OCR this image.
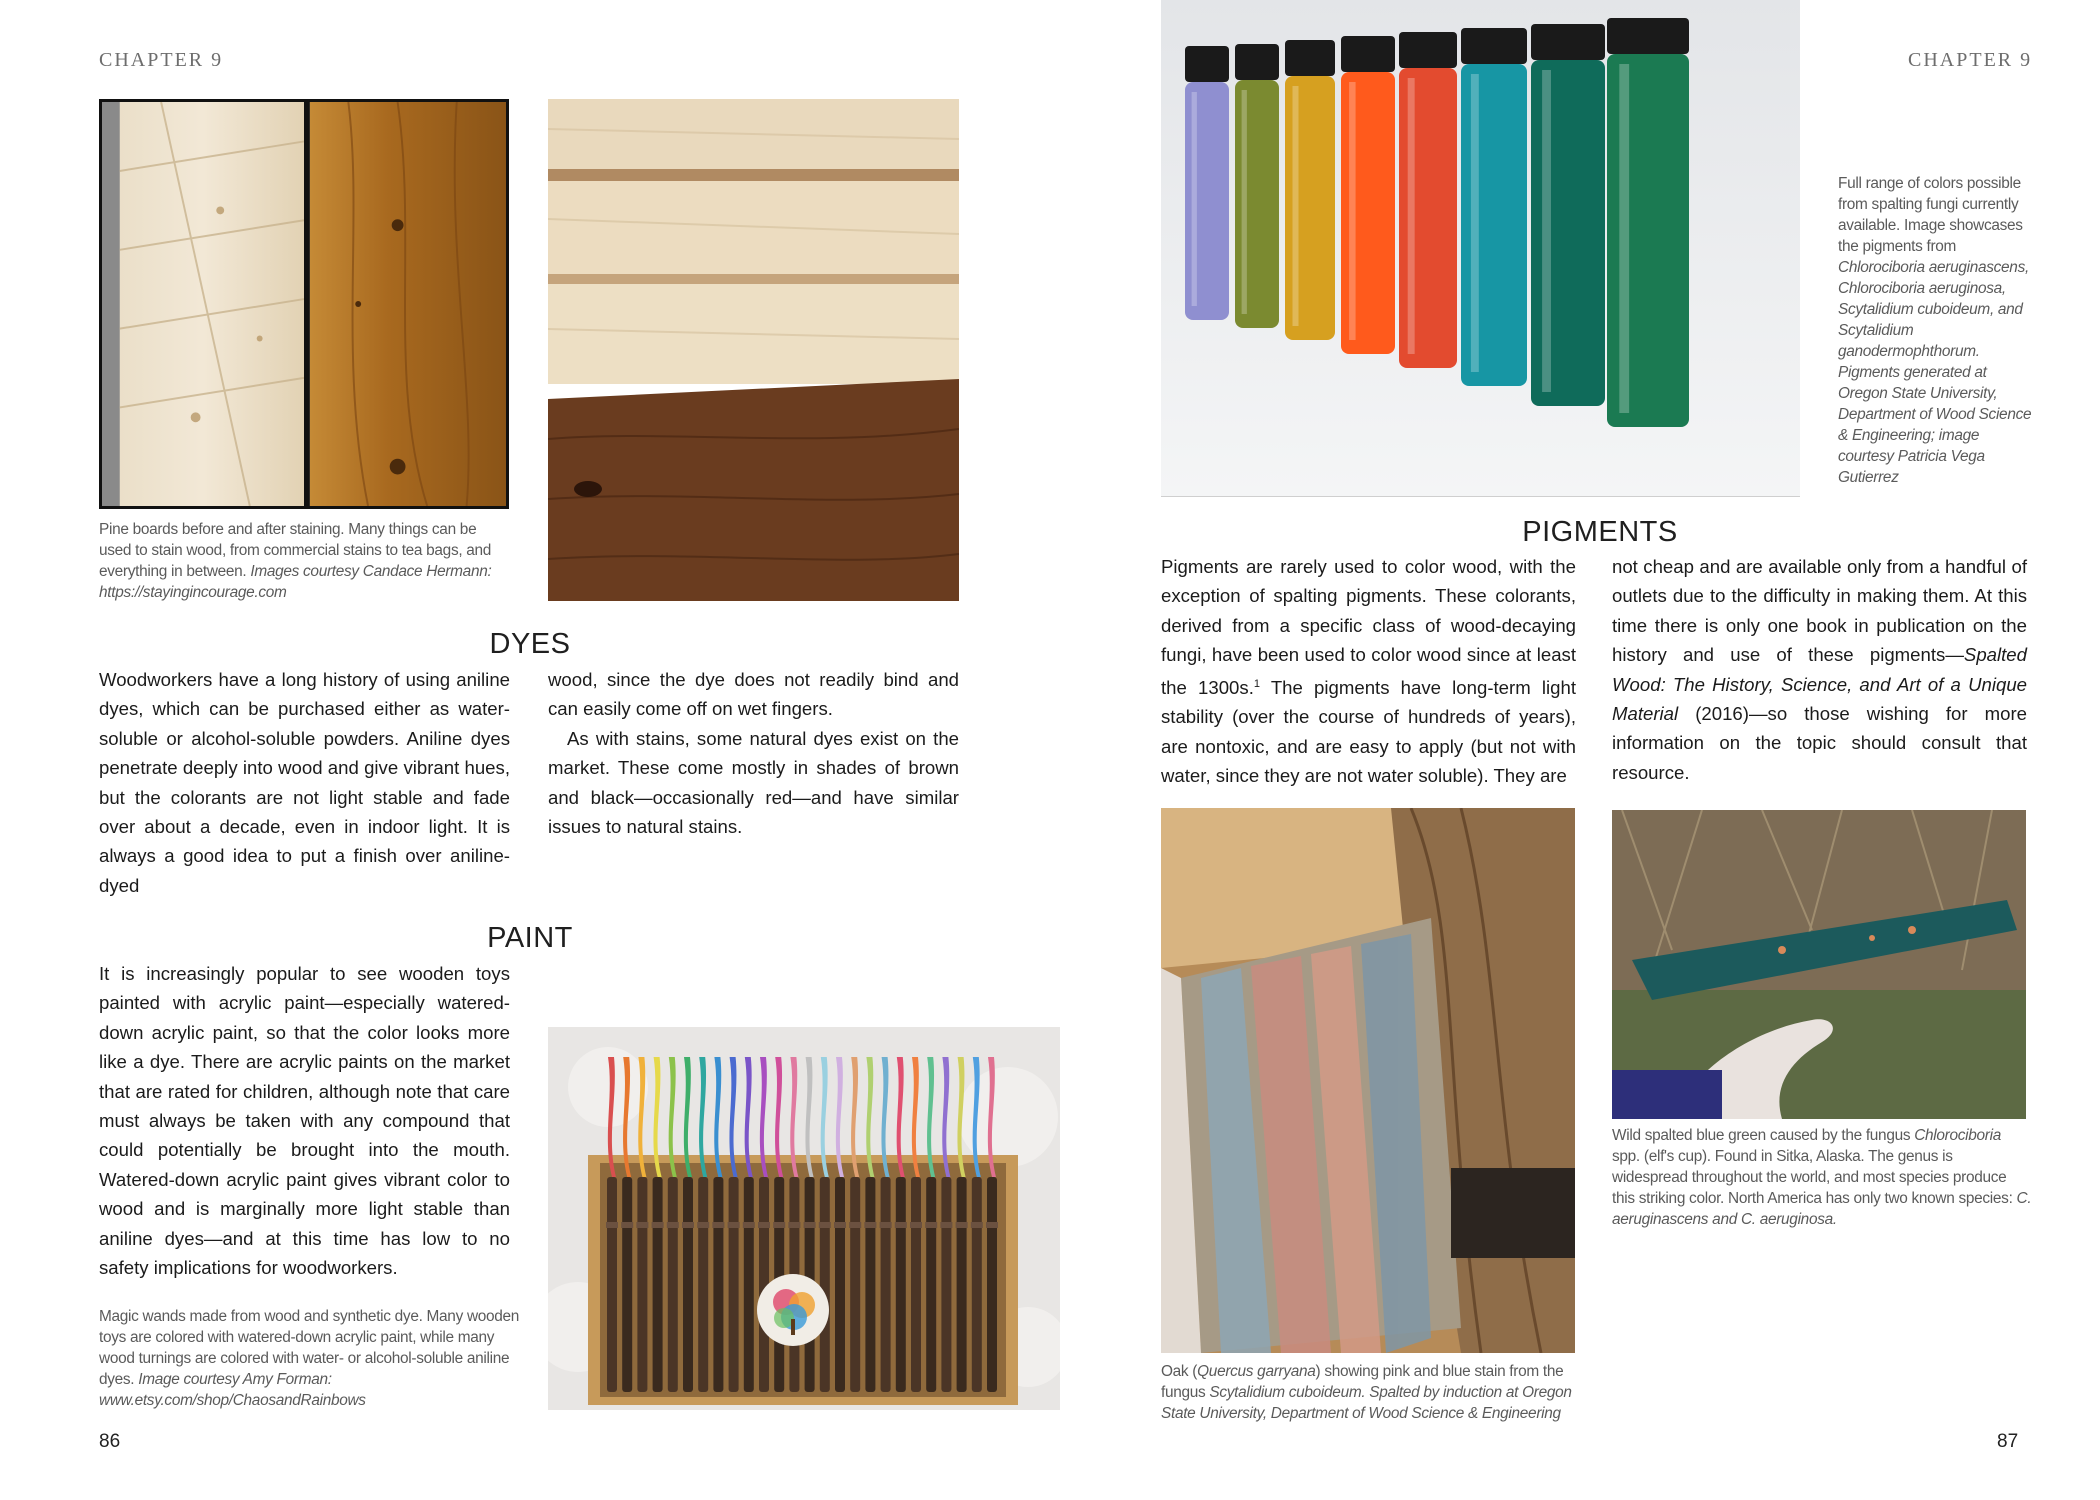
CHAPTER 9

Pine boards before and after staining. Many things can be used to stain wood, from commercial stains to tea bags, and everything in between. Images courtesy Candace Hermann: https://stayingincourage.com

DYES

Woodworkers have a long history of using aniline dyes, which can be purchased either as water-soluble or alcohol-soluble powders. Aniline dyes penetrate deeply into wood and give vibrant hues, but the colorants are not light stable and fade over about a decade, even in indoor light. It is always a good idea to put a finish over aniline-dyed

wood, since the dye does not readily bind and can easily come off on wet fingers.

As with stains, some natural dyes exist on the market. These come mostly in shades of brown and black—occasionally red—and have similar issues to natural stains.

PAINT

It is increasingly popular to see wooden toys painted with acrylic paint—especially watered-down acrylic paint, so that the color looks more like a dye. There are acrylic paints on the market that are rated for children, although note that care must always be taken with any compound that could potentially be brought into the mouth. Watered-down acrylic paint gives vibrant color to wood and is marginally more light stable than aniline dyes—and at this time has low to no safety implications for woodworkers.

Magic wands made from wood and synthetic dye. Many wooden toys are colored with watered-down acrylic paint, while many wood turnings are colored with water- or alcohol-soluble aniline dyes. Image courtesy Amy Forman: www.etsy.com/shop/ChaosandRainbows

86
CHAPTER 9

Full range of colors possible from spalting fungi currently available. Image showcases the pigments from Chlorociboria aeruginascens, Chlorociboria aeruginosa, Scytalidium cuboideum, and Scytalidium ganodermophthorum. Pigments generated at Oregon State University, Department of Wood Science & Engineering; image courtesy Patricia Vega Gutierrez

PIGMENTS

Pigments are rarely used to color wood, with the exception of spalting pigments. These colorants, derived from a specific class of wood-decaying fungi, have been used to color wood since at least the 1300s.$^1$ The pigments have long-term light stability (over the course of hundreds of years), are nontoxic, and are easy to apply (but not with water, since they are not water soluble). They are

not cheap and are available only from a handful of outlets due to the difficulty in making them. At this time there is only one book in publication on the history and use of these pigments—Spalted Wood: The History, Science, and Art of a Unique Material (2016)—so those wishing for more information on the topic should consult that resource.

Oak (Quercus garryana) showing pink and blue stain from the fungus Scytalidium cuboideum. Spalted by induction at Oregon State University, Department of Wood Science & Engineering

Wild spalted blue green caused by the fungus Chlorociboria spp. (elf's cup). Found in Sitka, Alaska. The genus is widespread throughout the world, and most species produce this striking color. North America has only two known species: C. aeruginascens and C. aeruginosa.

87
